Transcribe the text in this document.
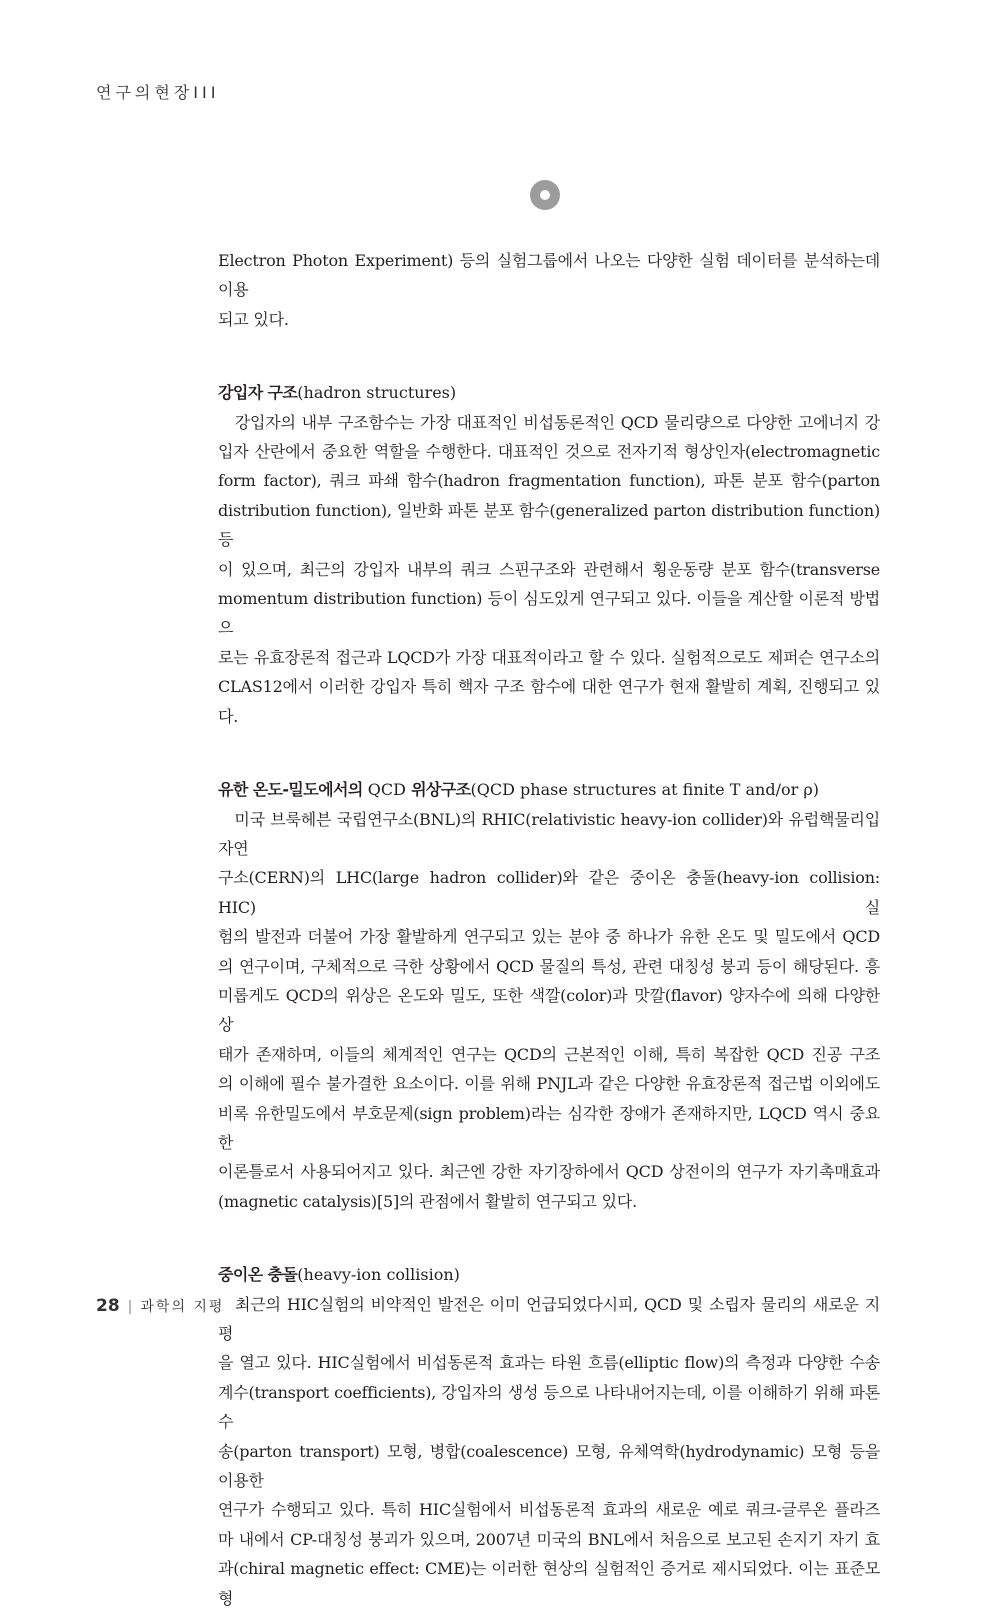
연구의현장III

Electron Photon Experiment) 등의 실험그룹에서 나오는 다양한 실험 데이터를 분석하는데 이용

되고 있다.

강입자 구조(hadron structures)

　강입자의 내부 구조함수는 가장 대표적인 비섭동론적인 QCD 물리량으로 다양한 고에너지 강

입자 산란에서 중요한 역할을 수행한다. 대표적인 것으로 전자기적 형상인자(electromagnetic

form factor), 쿼크 파쇄 함수(hadron fragmentation function), 파톤 분포 함수(parton

distribution function), 일반화 파톤 분포 함수(generalized parton distribution function) 등

이 있으며, 최근의 강입자 내부의 쿼크 스핀구조와 관련해서 횡운동량 분포 함수(transverse

momentum distribution function) 등이 심도있게 연구되고 있다. 이들을 계산할 이론적 방법으

로는 유효장론적 접근과 LQCD가 가장 대표적이라고 할 수 있다. 실험적으로도 제퍼슨 연구소의

CLAS12에서 이러한 강입자 특히 핵자 구조 함수에 대한 연구가 현재 활발히 계획, 진행되고 있

다.

유한 온도-밀도에서의 QCD 위상구조(QCD phase structures at finite T and/or ρ)

　미국 브룩헤븐 국립연구소(BNL)의 RHIC(relativistic heavy-ion collider)와 유럽핵물리입자연

구소(CERN)의 LHC(large hadron collider)와 같은 중이온 충돌(heavy-ion collision: HIC) 실

험의 발전과 더불어 가장 활발하게 연구되고 있는 분야 중 하나가 유한 온도 및 밀도에서 QCD

의 연구이며, 구체적으로 극한 상황에서 QCD 물질의 특성, 관련 대칭성 붕괴 등이 해당된다. 흥

미롭게도 QCD의 위상은 온도와 밀도, 또한 색깔(color)과 맛깔(flavor) 양자수에 의해 다양한 상

태가 존재하며, 이들의 체계적인 연구는 QCD의 근본적인 이해, 특히 복잡한 QCD 진공 구조

의 이해에 필수 불가결한 요소이다. 이를 위해 PNJL과 같은 다양한 유효장론적 접근법 이외에도

비록 유한밀도에서 부호문제(sign problem)라는 심각한 장애가 존재하지만, LQCD 역시 중요한

이론틀로서 사용되어지고 있다. 최근엔 강한 자기장하에서 QCD 상전이의 연구가 자기촉매효과

(magnetic catalysis)[5]의 관점에서 활발히 연구되고 있다.

중이온 충돌(heavy-ion collision)

　최근의 HIC실험의 비약적인 발전은 이미 언급되었다시피, QCD 및 소립자 물리의 새로운 지평

을 열고 있다. HIC실험에서 비섭동론적 효과는 타원 흐름(elliptic flow)의 측정과 다양한 수송

계수(transport coefficients), 강입자의 생성 등으로 나타내어지는데, 이를 이해하기 위해 파톤 수

송(parton transport) 모형, 병합(coalescence) 모형, 유체역학(hydrodynamic) 모형 등을 이용한

연구가 수행되고 있다. 특히 HIC실험에서 비섭동론적 효과의 새로운 예로 쿼크-글루온 플라즈

마 내에서 CP-대칭성 붕괴가 있으며, 2007년 미국의 BNL에서 처음으로 보고된 손지기 자기 효

과(chiral magnetic effect: CME)는 이러한 현상의 실험적인 증거로 제시되었다. 이는 표준모형

28 | 과학의 지평
